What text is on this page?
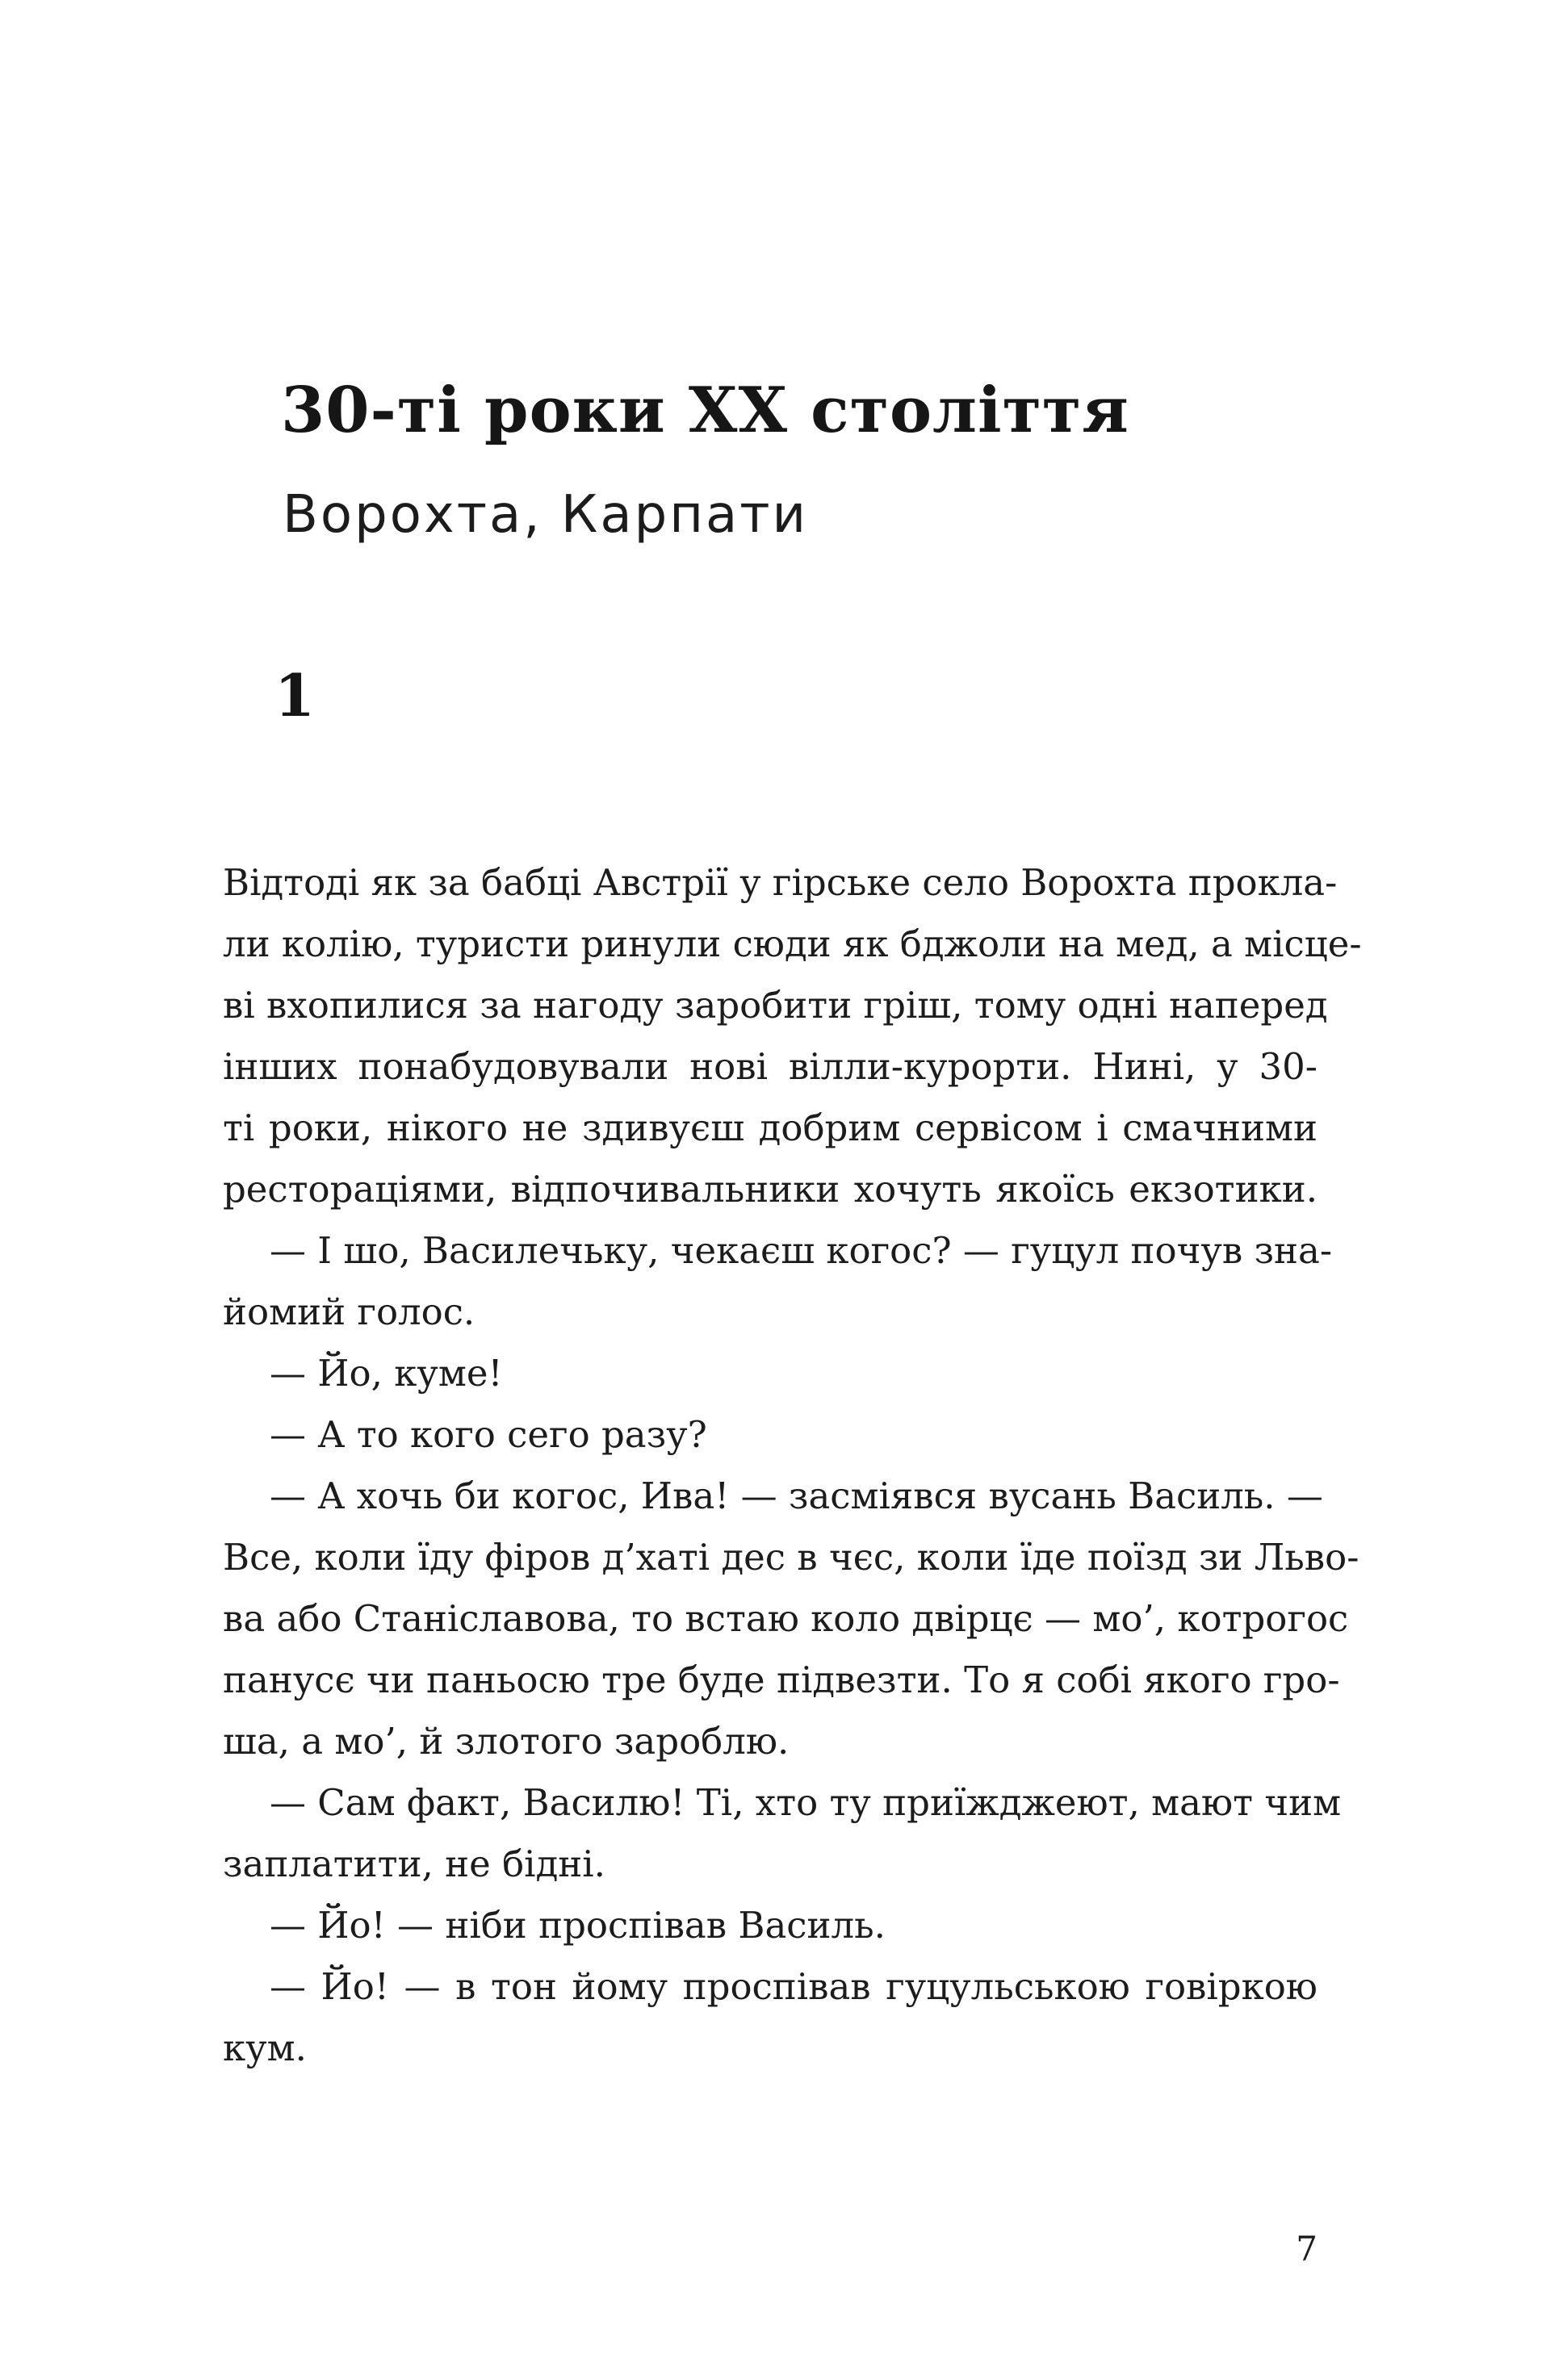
30-ті роки XX століття
Ворохта, Карпати
1
Відтоді як за бабці Австрії у гірське село Ворохта прокла-
ли колію, туристи ринули сюди як бджоли на мед, а місце-
ві вхопилися за нагоду заробити гріш, тому одні наперед
інших понабудовували нові вілли-курорти. Нині, у 30-
ті роки, нікого не здивуєш добрим сервісом і смачними
рестораціями, відпочивальники хочуть якоїсь екзотики.
— І шо, Василечьку, чекаєш когос? — гуцул почув зна-
йомий голос.
— Йо, куме!
— А то кого сего разу?
— А хочь би когос, Ива! — засміявся вусань Василь. —
Все, коли їду фіров д’хаті дес в чєс, коли їде поїзд зи Льво-
ва або Станіславова, то встаю коло двірцє — мо’, котрогос
панусє чи паньосю тре буде підвезти. То я собі якого гро-
ша, а мо’, й злотого зароблю.
— Сам факт, Василю! Ті, хто ту приїжджеют, мают чим
заплатити, не бідні.
— Йо! — ніби проспівав Василь.
— Йо! — в тон йому проспівав гуцульською говіркою
кум.
7
